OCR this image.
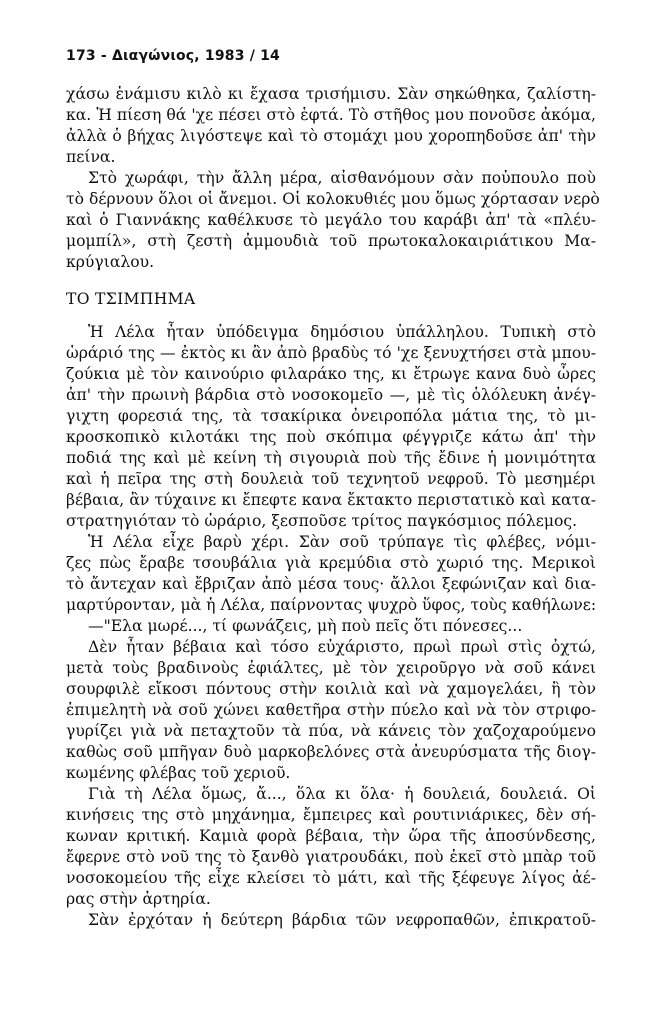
173 - Διαγώνιος, 1983 / 14
χάσω ἑνάμισυ κιλὸ κι ἔχασα τρισήμισυ. Σὰν σηκώθηκα, ζαλίστη-
κα. Ἡ πίεση θά 'χε πέσει στὸ ἑφτά. Τὸ στῆθος μου πονοῦσε ἀκόμα,
ἀλλὰ ὁ βήχας λιγόστεψε καὶ τὸ στομάχι μου χοροπηδοῦσε ἀπ' τὴν
πείνα.
Στὸ χωράφι, τὴν ἄλλη μέρα, αἰσθανόμουν σὰν ποὐπουλο ποὺ
τὸ δέρνουν ὅλοι οἱ ἄνεμοι. Οἱ κολοκυθιές μου ὅμως χόρτασαν νερὸ
καὶ ὁ Γιαννάκης καθέλκυσε τὸ μεγάλο του καράβι ἀπ' τὰ «πλέυ-
μομπίλ», στὴ ζεστὴ ἀμμουδιὰ τοῦ πρωτοκαλοκαιριάτικου Μα-
κρύγιαλου.
ΤΟ ΤΣΙΜΠΗΜΑ
Ἡ Λέλα ἦταν ὑπόδειγμα δημόσιου ὑπάλληλου. Τυπικὴ στὸ
ὡράριό της — ἐκτὸς κι ἂν ἀπὸ βραδὺς τό 'χε ξενυχτήσει στὰ μπου-
ζούκια μὲ τὸν καινούριο φιλαράκο της, κι ἔτρωγε κανα δυὸ ὧρες
ἀπ' τὴν πρωινὴ βάρδια στὸ νοσοκομεῖο —, μὲ τὶς ὁλόλευκη ἀνέγ-
γιχτη φορεσιά της, τὰ τσακίρικα ὀνειροπόλα μάτια της, τὸ μι-
κροσκοπικὸ κιλοτάκι της ποὺ σκόπιμα φέγγριζε κάτω ἀπ' τὴν
ποδιά της καὶ μὲ κείνη τὴ σιγουριὰ ποὺ τῆς ἔδινε ἡ μονιμότητα
καὶ ἡ πεῖρα της στὴ δουλειὰ τοῦ τεχνητοῦ νεφροῦ. Τὸ μεσημέρι
βέβαια, ἂν τύχαινε κι ἔπεφτε κανα ἔκτακτο περιστατικὸ καὶ κατα-
στρατηγιόταν τὸ ὡράριο, ξεσποῦσε τρίτος παγκόσμιος πόλεμος.
Ἡ Λέλα εἶχε βαρὺ χέρι. Σὰν σοῦ τρύπαγε τὶς φλέβες, νόμι-
ζες πὼς ἔραβε τσουβάλια γιὰ κρεμύδια στὸ χωριό της. Μερικοὶ
τὸ ἄντεχαν καὶ ἔβριζαν ἀπὸ μέσα τους· ἄλλοι ξεφώνιζαν καὶ δια-
μαρτύρονταν, μὰ ἡ Λέλα, παίρνοντας ψυχρὸ ὕφος, τοὺς καθήλωνε:
—"Ελα μωρέ..., τί φωνάζεις, μὴ ποὺ πεῖς ὅτι πόνεσες...
Δὲν ἦταν βέβαια καὶ τόσο εὐχάριστο, πρωὶ πρωὶ στὶς ὀχτώ,
μετὰ τοὺς βραδινοὺς ἐφιάλτες, μὲ τὸν χειροῦργο νὰ σοῦ κάνει
σουρφιλὲ εἴκοσι πόντους στὴν κοιλιὰ καὶ νὰ χαμογελάει, ἢ τὸν
ἐπιμελητὴ νὰ σοῦ χώνει καθετῆρα στὴν πύελο καὶ νὰ τὸν στριφο-
γυρίζει γιὰ νὰ πεταχτοῦν τὰ πύα, νὰ κάνεις τὸν χαζοχαρούμενο
καθὼς σοῦ μπῆγαν δυὸ μαρκοβελόνες στὰ ἀνευρύσματα τῆς διογ-
κωμένης φλέβας τοῦ χεριοῦ.
Γιὰ τὴ Λέλα ὅμως, ἄ..., ὅλα κι ὅλα· ἡ δουλειά, δουλειά. Οἱ
κινήσεις της στὸ μηχάνημα, ἔμπειρες καὶ ρουτινιάρικες, δὲν σή-
κωναν κριτική. Καμιὰ φορὰ βέβαια, τὴν ὥρα τῆς ἀποσύνδεσης,
ἔφερνε στὸ νοῦ της τὸ ξανθὸ γιατρουδάκι, ποὺ ἐκεῖ στὸ μπὰρ τοῦ
νοσοκομείου τῆς εἶχε κλείσει τὸ μάτι, καὶ τῆς ξέφευγε λίγος ἀέ-
ρας στὴν ἀρτηρία.
Σὰν ἐρχόταν ἡ δεύτερη βάρδια τῶν νεφροπαθῶν, ἐπικρατοῦ-
